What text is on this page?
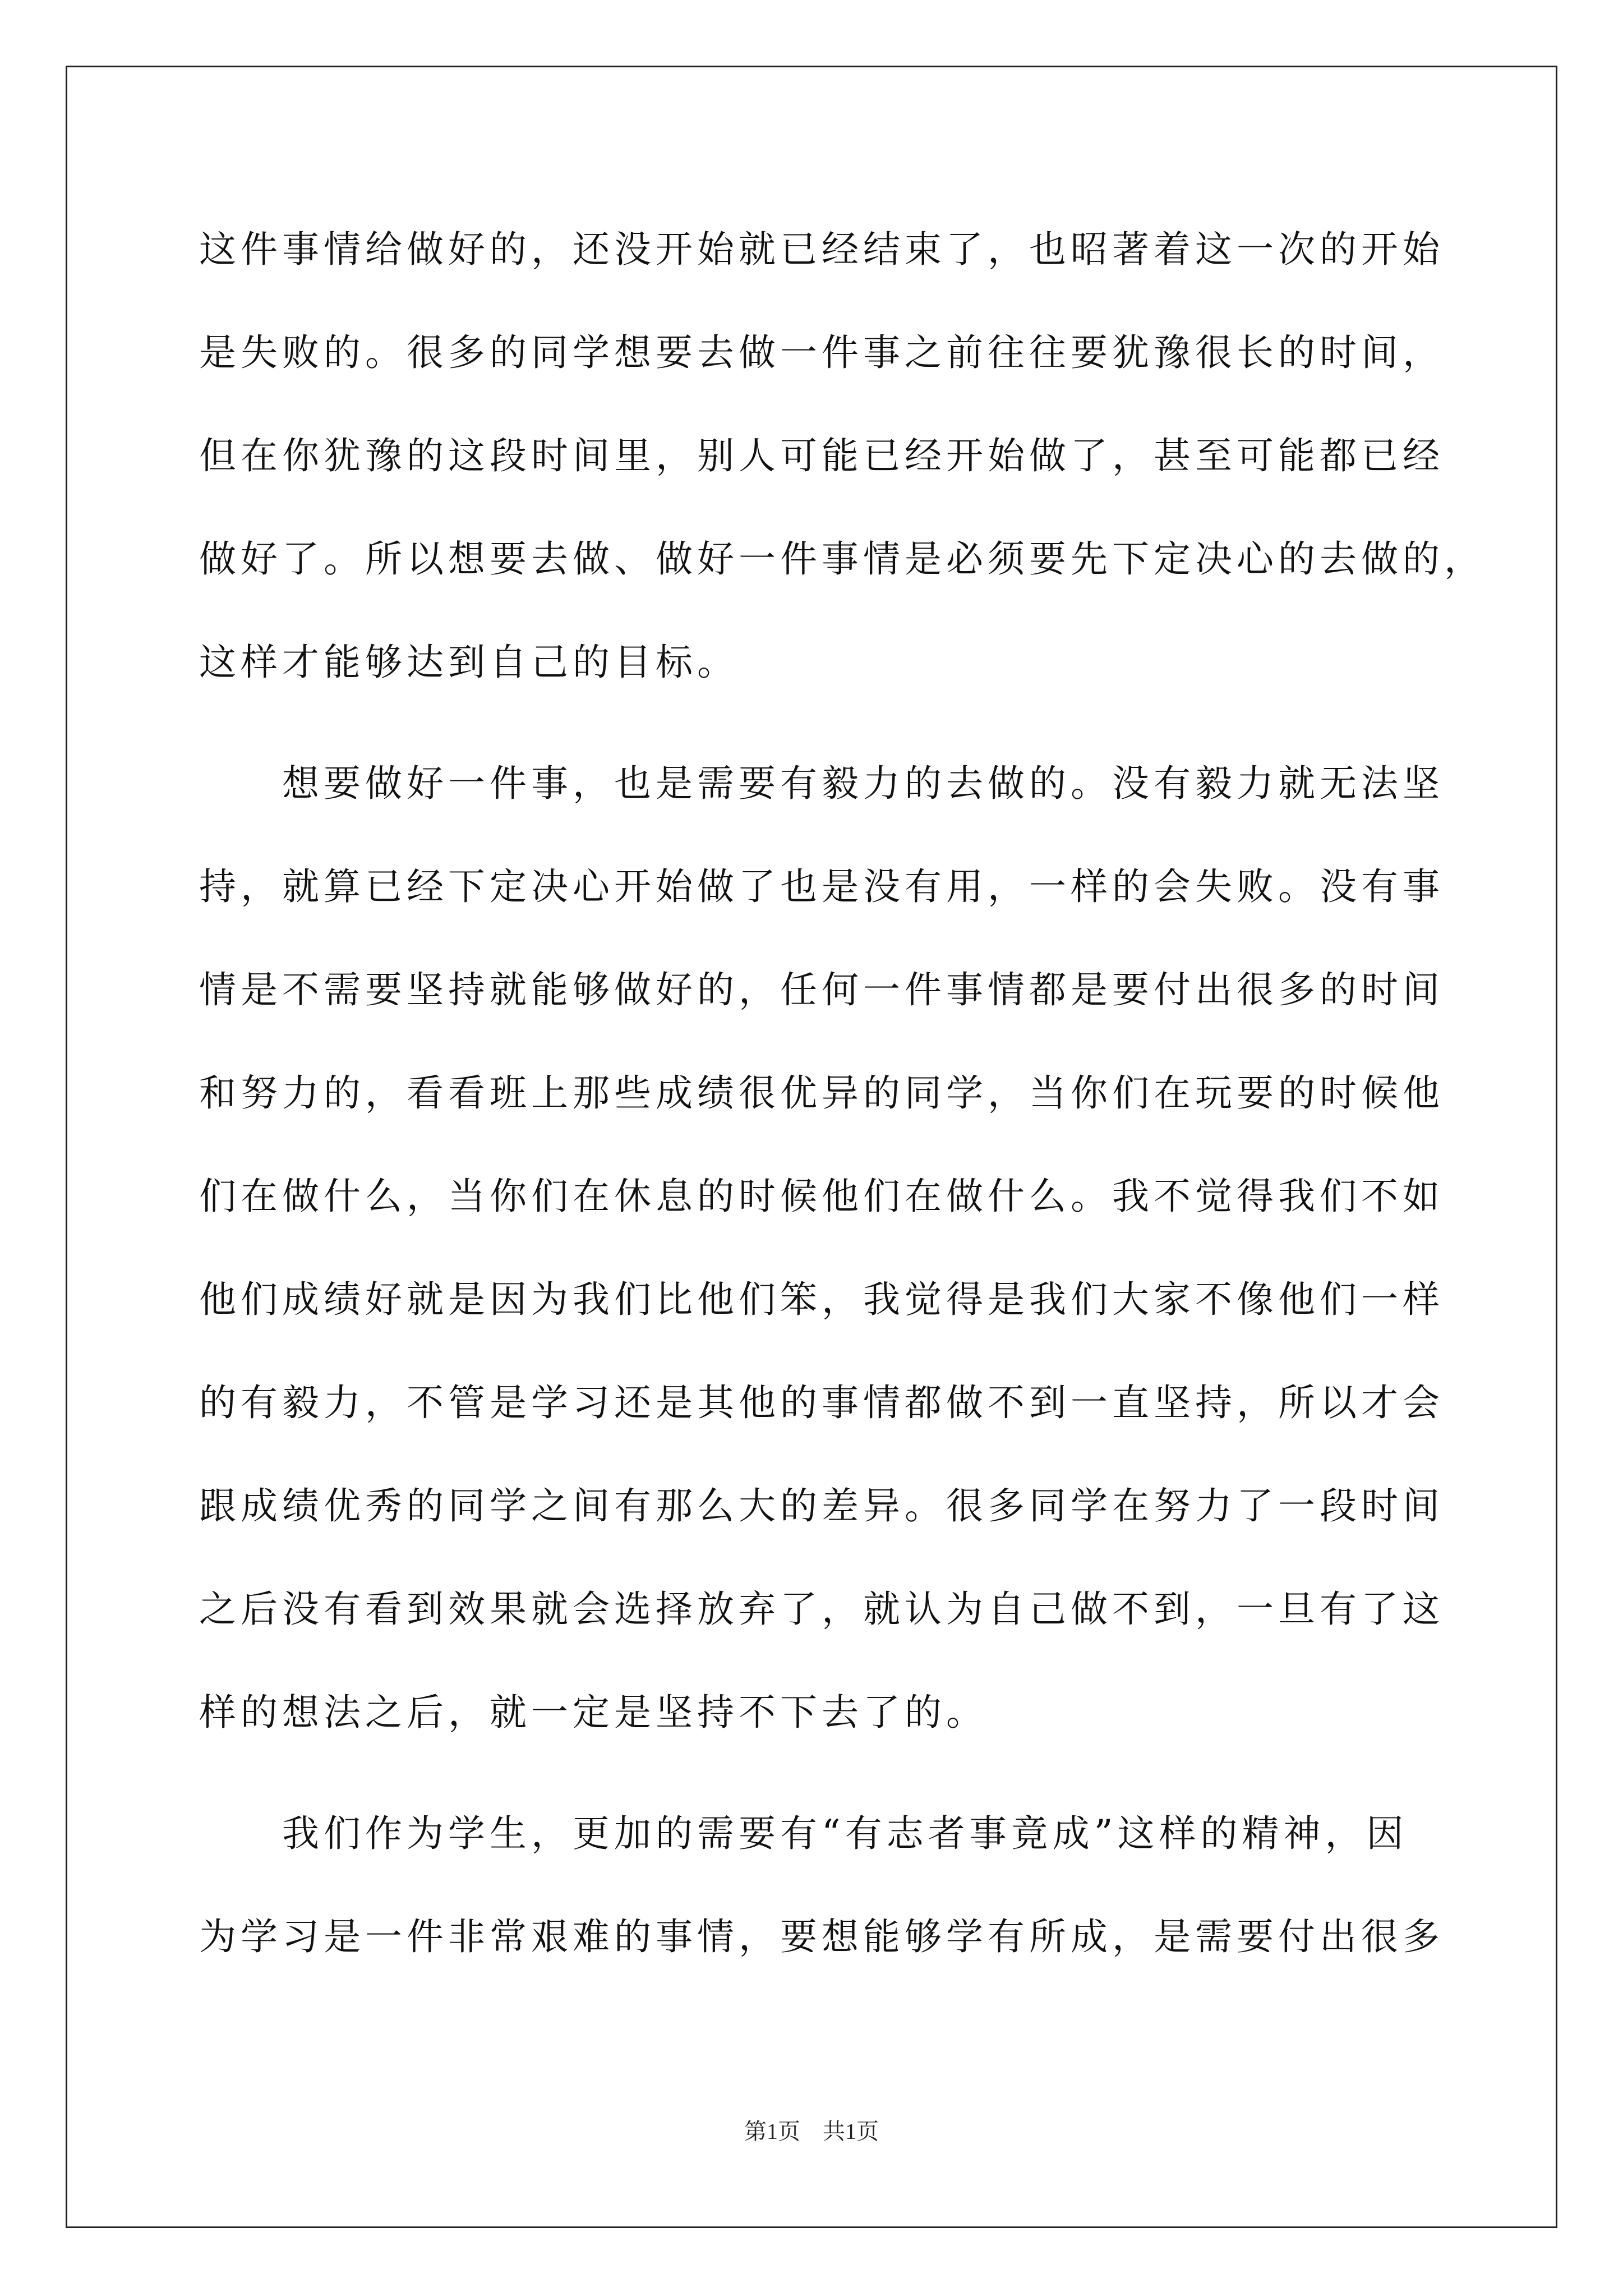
这件事情给做好的，还没开始就已经结束了，也昭著着这一次的开始
是失败的。很多的同学想要去做一件事之前往往要犹豫很长的时间，
但在你犹豫的这段时间里，别人可能已经开始做了，甚至可能都已经
做好了。所以想要去做、做好一件事情是必须要先下定决心的去做的，
这样才能够达到自己的目标。
　　想要做好一件事，也是需要有毅力的去做的。没有毅力就无法坚
持，就算已经下定决心开始做了也是没有用，一样的会失败。没有事
情是不需要坚持就能够做好的，任何一件事情都是要付出很多的时间
和努力的，看看班上那些成绩很优异的同学，当你们在玩要的时候他
们在做什么，当你们在休息的时候他们在做什么。我不觉得我们不如
他们成绩好就是因为我们比他们笨，我觉得是我们大家不像他们一样
的有毅力，不管是学习还是其他的事情都做不到一直坚持，所以才会
跟成绩优秀的同学之间有那么大的差异。很多同学在努力了一段时间
之后没有看到效果就会选择放弃了，就认为自己做不到，一旦有了这
样的想法之后，就一定是坚持不下去了的。
　　我们作为学生，更加的需要有“有志者事竟成”这样的精神，因
为学习是一件非常艰难的事情，要想能够学有所成，是需要付出很多
第1页　共1页
